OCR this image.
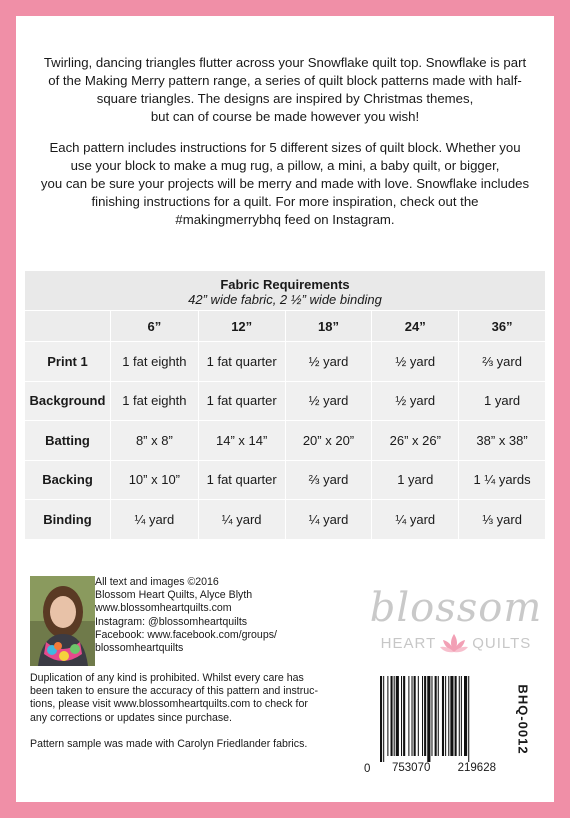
Twirling, dancing triangles flutter across your Snowflake quilt top. Snowflake is part
of the Making Merry pattern range, a series of quilt block patterns made with half-
square triangles. The designs are inspired by Christmas themes,
but can of course be made however you wish!

Each pattern includes instructions for 5 different sizes of quilt block. Whether you
use your block to make a mug rug, a pillow, a mini, a baby quilt, or bigger,
you can be sure your projects will be merry and made with love. Snowflake includes
finishing instructions for a quilt. For more inspiration, check out the
#makingmerrybhq feed on Instagram.

Fabric Requirements
42” wide fabric, 2 ½” wide binding					

	6”	12”	18”	24”	36”
Print 1	1 fat eighth	1 fat quarter	½ yard	½ yard	⅔ yard
Background	1 fat eighth	1 fat quarter	½ yard	½ yard	1 yard
Batting	8” x 8”	14” x 14”	20” x 20”	26” x 26”	38” x 38”
Backing	10” x 10”	1 fat quarter	⅔ yard	1 yard	1 ¼ yards
Binding	¼ yard	¼ yard	¼ yard	¼ yard	⅓ yard
All text and images ©2016
Blossom Heart Quilts, Alyce Blyth
www.blossomheartquilts.com
Instagram: @blossomheartquilts
Facebook: www.facebook.com/groups/
blossomheartquilts

Duplication of any kind is prohibited. Whilst every care has
been taken to ensure the accuracy of this pattern and instruc-
tions, please visit www.blossomheartquilts.com to check for
any corrections or updates since purchase.

Pattern sample was made with Carolyn Friedlander fabrics.

blossom
HEART QUILTS
0 753070 219628
BHQ-0012
